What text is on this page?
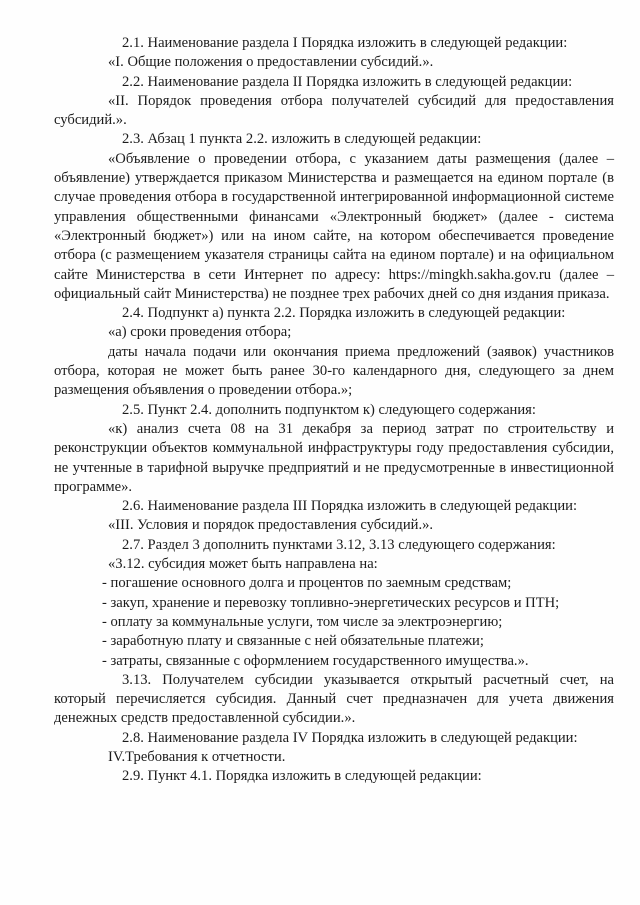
2.1. Наименование раздела I Порядка изложить в следующей редакции:

«I. Общие положения о предоставлении субсидий.».

2.2. Наименование раздела II Порядка изложить в следующей редакции:

«II. Порядок проведения отбора получателей субсидий для предоставления субсидий.».

2.3. Абзац 1 пункта 2.2. изложить в следующей редакции:

«Объявление о проведении отбора, с указанием даты размещения (далее – объявление) утверждается приказом Министерства и размещается на едином портале (в случае проведения отбора в государственной интегрированной информационной системе управления общественными финансами «Электронный бюджет» (далее - система «Электронный бюджет») или на ином сайте, на котором обеспечивается проведение отбора (с размещением указателя страницы сайта на едином портале) и на официальном сайте Министерства в сети Интернет по адресу: https://mingkh.sakha.gov.ru (далее – официальный сайт Министерства) не позднее трех рабочих дней со дня издания приказа.

2.4. Подпункт а) пункта 2.2. Порядка изложить в следующей редакции:

«а) сроки проведения отбора;

даты начала подачи или окончания приема предложений (заявок) участников отбора, которая не может быть ранее 30-го календарного дня, следующего за днем размещения объявления о проведении отбора.»;

2.5. Пункт 2.4. дополнить подпунктом к) следующего содержания:

«к) анализ счета 08 на 31 декабря за период затрат по строительству и реконструкции объектов коммунальной инфраструктуры году предоставления субсидии, не учтенные в тарифной выручке предприятий и не предусмотренные в инвестиционной программе».

2.6. Наименование раздела III Порядка изложить в следующей редакции:

«III. Условия и порядок предоставления субсидий.».

2.7. Раздел 3 дополнить пунктами 3.12, 3.13 следующего содержания:

«3.12. субсидия может быть направлена на:

- погашение основного долга и процентов по заемным средствам;

- закуп, хранение и перевозку топливно-энергетических ресурсов и ПТН;

- оплату за коммунальные услуги, том числе за электроэнергию;

- заработную плату и связанные с ней обязательные платежи;

- затраты, связанные с оформлением государственного имущества.».

3.13. Получателем субсидии указывается открытый расчетный счет, на который перечисляется субсидия. Данный счет предназначен для учета движения денежных средств предоставленной субсидии.».

2.8. Наименование раздела IV Порядка изложить в следующей редакции:

IV.Требования к отчетности.

2.9. Пункт 4.1. Порядка изложить в следующей редакции:
